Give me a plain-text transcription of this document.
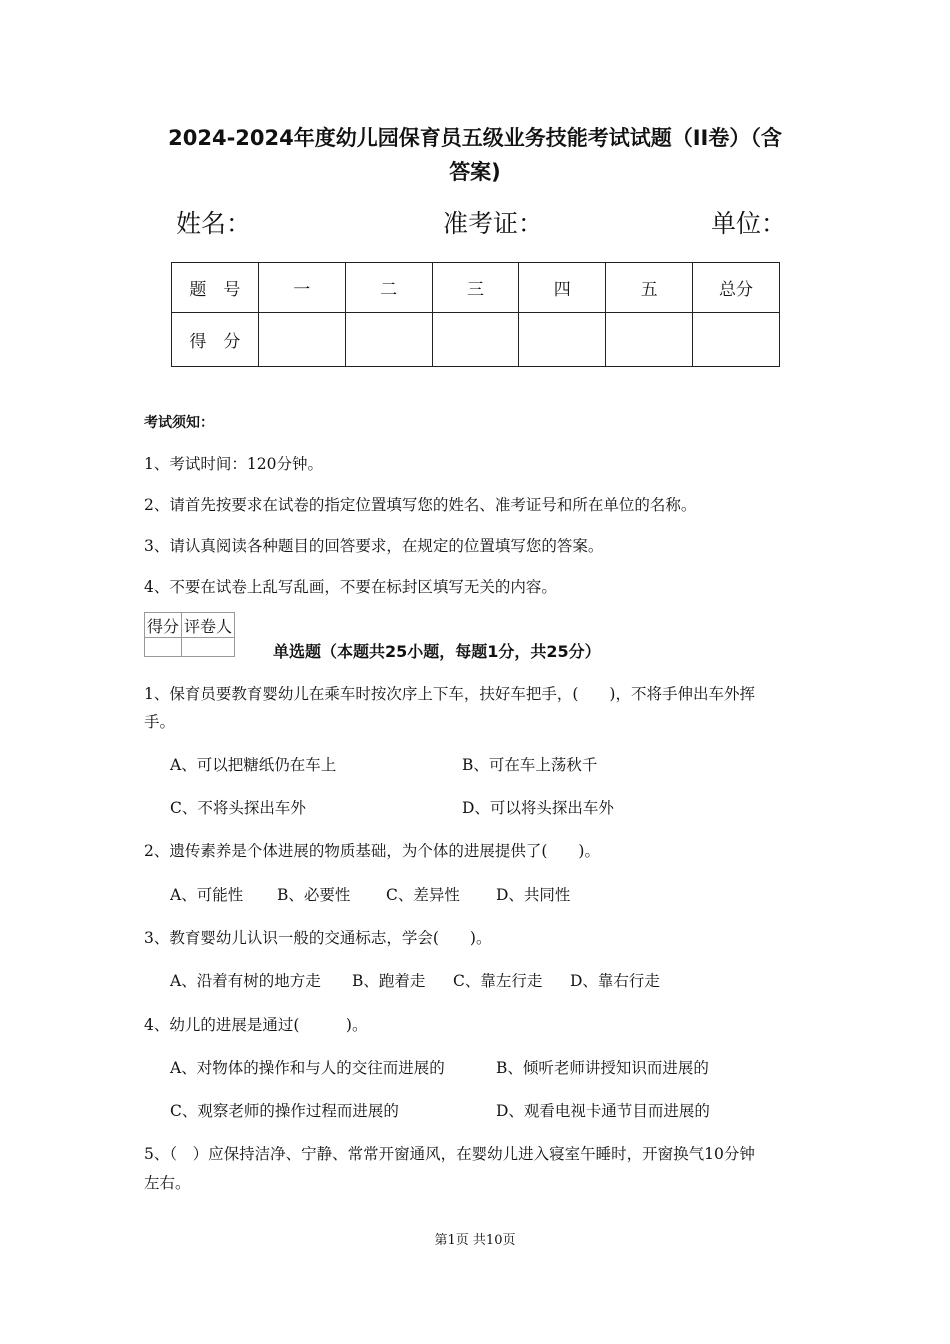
2024-2024年度幼儿园保育员五级业务技能考试试题（II卷）（含
答案)
姓名：	准考证：	单位：
题　号	一	二	三	四	五	总分
得　分						
考试须知：
1、考试时间：120分钟。
2、请首先按要求在试卷的指定位置填写您的姓名、准考证号和所在单位的名称。
3、请认真阅读各种题目的回答要求，在规定的位置填写您的答案。
4、不要在试卷上乱写乱画，不要在标封区填写无关的内容。
得分	评卷人

单选题（本题共25小题，每题1分，共25分）
1、保育员要教育婴幼儿在乘车时按次序上下车，扶好车把手，(　　)，不将手伸出车外挥
手。
A、可以把糖纸仍在车上	B、可在车上荡秋千
C、不将头探出车外	D、可以将头探出车外
2、遗传素养是个体进展的物质基础，为个体的进展提供了(　　)。
A、可能性 B、必要性 C、差异性 D、共同性
3、教育婴幼儿认识一般的交通标志，学会(　　)。
A、沿着有树的地方走 B、跑着走 C、靠左行走 D、靠右行走
4、幼儿的进展是通过(　　　)。
A、对物体的操作和与人的交往而进展的	B、倾听老师讲授知识而进展的
C、观察老师的操作过程而进展的	D、观看电视卡通节目而进展的
5、（　）应保持洁净、宁静、常常开窗通风，在婴幼儿进入寝室午睡时，开窗换气10分钟
左右。
第1页 共10页
